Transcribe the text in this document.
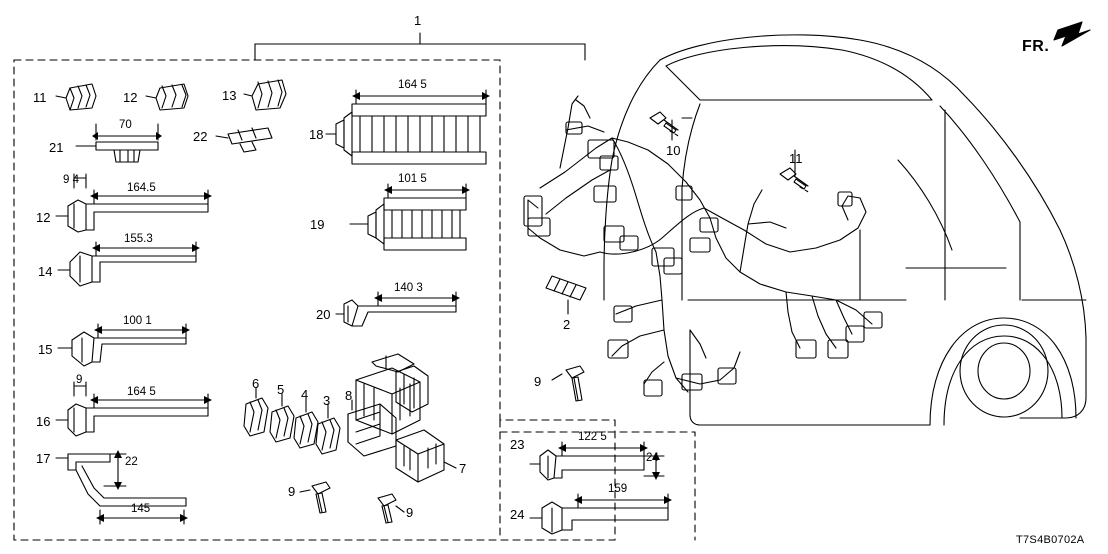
1
11	12	13
21
22
12
14
15
16
17
18
19
20
6 5 4 3 8
7
9
9
23
24
2
9
10
11
164 5
70
9 4
164.5
101 5
155.3
140 3
100 1
9
164 5
22
145
122 5
24
159
FR.
T7S4B0702A
